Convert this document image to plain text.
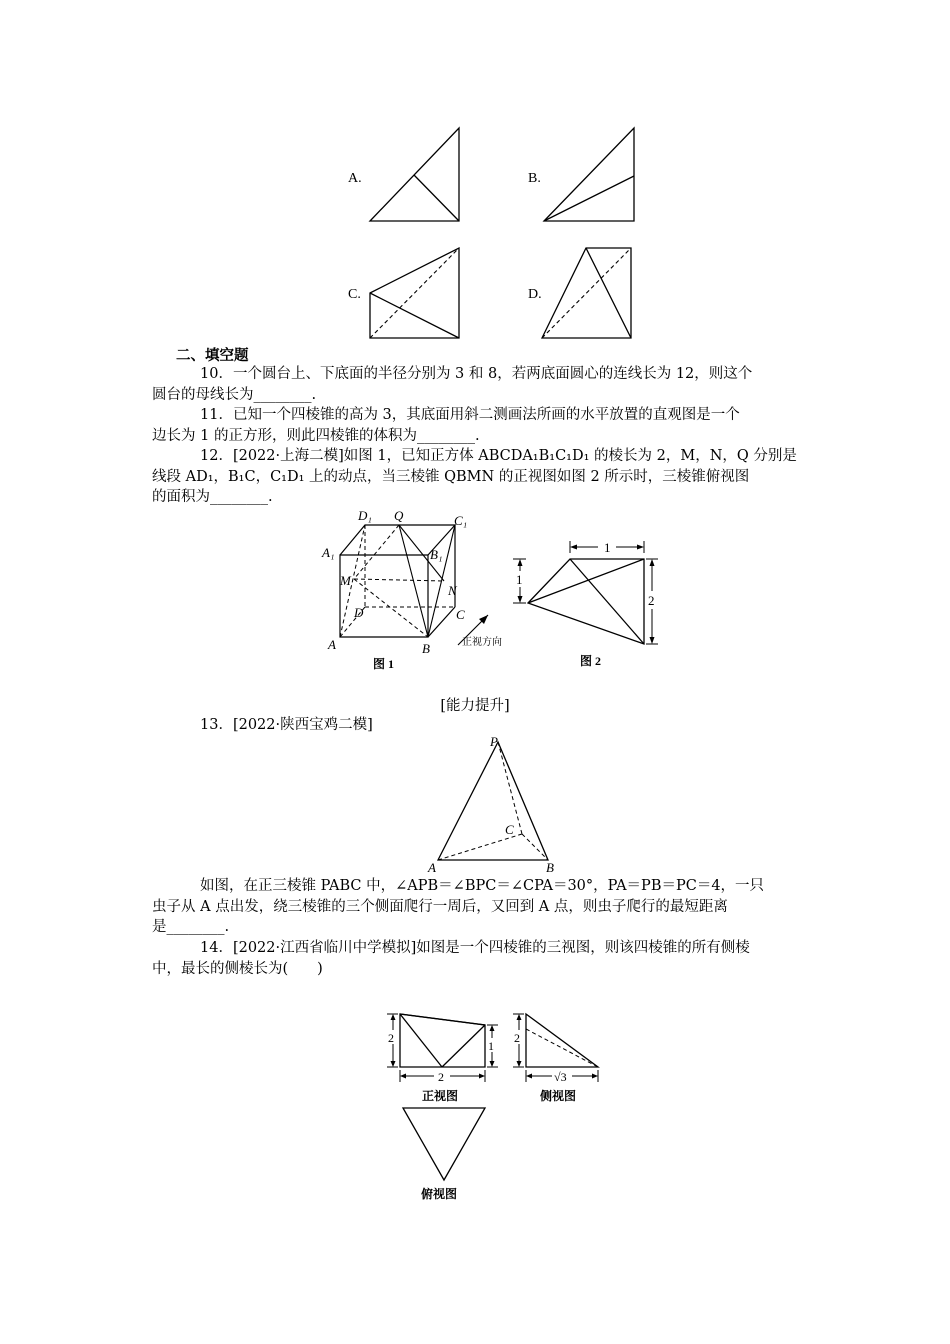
A.	B.
C.	D.
二、填空题

10．一个圆台上、下底面的半径分别为 3 和 8，若两底面圆心的连线长为 12，则这个
圆台的母线长为________.

11．已知一个四棱锥的高为 3，其底面用斜二测画法所画的水平放置的直观图是一个
边长为 1 的正方形，则此四棱锥的体积为________.

12．[2022·上海二模]如图 1，已知正方体 ABCDA₁B₁C₁D₁ 的棱长为 2，M，N，Q 分别是
线段 AD₁，B₁C，C₁D₁ 上的动点，当三棱锥 QBMN 的正视图如图 2 所示时，三棱锥俯视图
的面积为________.

D₁ Q	C₁
A₁	B₁
M
N
D	C
A	B	正视方向
图 1
1
1
2
图 2
[能力提升]
13．[2022·陕西宝鸡二模]
P
C
A	B

如图，在正三棱锥 PABC 中，∠APB＝∠BPC＝∠CPA＝30°，PA＝PB＝PC＝4，一只
虫子从 A 点出发，绕三棱锥的三个侧面爬行一周后，又回到 A 点，则虫子爬行的最短距离
是________.

14．[2022·江西省临川中学模拟]如图是一个四棱锥的三视图，则该四棱锥的所有侧棱
中，最长的侧棱长为(　　)

2
1
2
正视图
2
√3
侧视图
俯视图
